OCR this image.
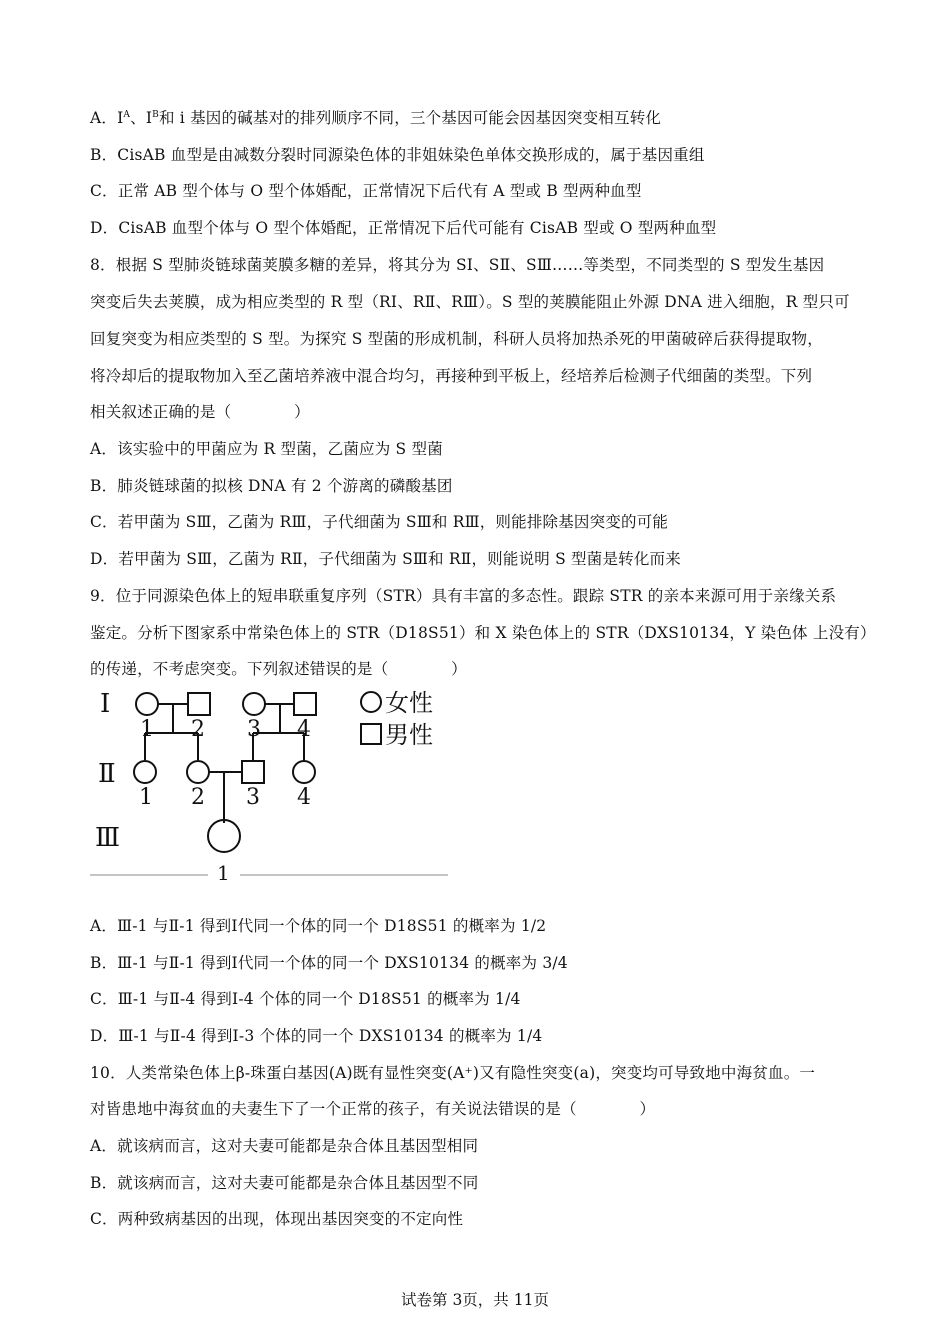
A．$I^A$、$I^B$和 i 基因的碱基对的排列顺序不同，三个基因可能会因基因突变相互转化
B．CisAB 血型是由减数分裂时同源染色体的非姐妹染色单体交换形成的，属于基因重组
C．正常 AB 型个体与 O 型个体婚配，正常情况下后代有 A 型或 B 型两种血型
D．CisAB 血型个体与 O 型个体婚配，正常情况下后代可能有 CisAB 型或 O 型两种血型
8．根据 S 型肺炎链球菌荚膜多糖的差异，将其分为 SⅠ、SⅡ、SⅢ……等类型，不同类型的 S 型发生基因
突变后失去荚膜，成为相应类型的 R 型（RⅠ、RⅡ、RⅢ）。S 型的荚膜能阻止外源 DNA 进入细胞，R 型只可
回复突变为相应类型的 S 型。为探究 S 型菌的形成机制，科研人员将加热杀死的甲菌破碎后获得提取物，
将冷却后的提取物加入至乙菌培养液中混合均匀，再接种到平板上，经培养后检测子代细菌的类型。下列
相关叙述正确的是（　　　　）
A．该实验中的甲菌应为 R 型菌，乙菌应为 S 型菌
B．肺炎链球菌的拟核 DNA 有 2 个游离的磷酸基团
C．若甲菌为 SⅢ，乙菌为 RⅢ，子代细菌为 SⅢ和 RⅢ，则能排除基因突变的可能
D．若甲菌为 SⅢ，乙菌为 RⅡ，子代细菌为 SⅢ和 RⅡ，则能说明 S 型菌是转化而来
9．位于同源染色体上的短串联重复序列（STR）具有丰富的多态性。跟踪 STR 的亲本来源可用于亲缘关系
鉴定。分析下图家系中常染色体上的 STR（D18S51）和 X 染色体上的 STR（DXS10134，Y 染色体 上没有）
的传递，不考虑突变。下列叙述错误的是（　　　　）
Ⅰ
Ⅱ
Ⅲ
1 2 3 4
1 2 3 4
1
女性
男性
A．Ⅲ-1 与Ⅱ-1 得到Ⅰ代同一个体的同一个 D18S51 的概率为 1/2
B．Ⅲ-1 与Ⅱ-1 得到Ⅰ代同一个体的同一个 DXS10134 的概率为 3/4
C．Ⅲ-1 与Ⅱ-4 得到Ⅰ-4 个体的同一个 D18S51 的概率为 1/4
D．Ⅲ-1 与Ⅱ-4 得到Ⅰ-3 个体的同一个 DXS10134 的概率为 1/4
10．人类常染色体上β-珠蛋白基因(A)既有显性突变(A⁺)又有隐性突变(a)，突变均可导致地中海贫血。一
对皆患地中海贫血的夫妻生下了一个正常的孩子，有关说法错误的是（　　　　）
A．就该病而言，这对夫妻可能都是杂合体且基因型相同
B．就该病而言，这对夫妻可能都是杂合体且基因型不同
C．两种致病基因的出现，体现出基因突变的不定向性
试卷第 3页，共 11页
